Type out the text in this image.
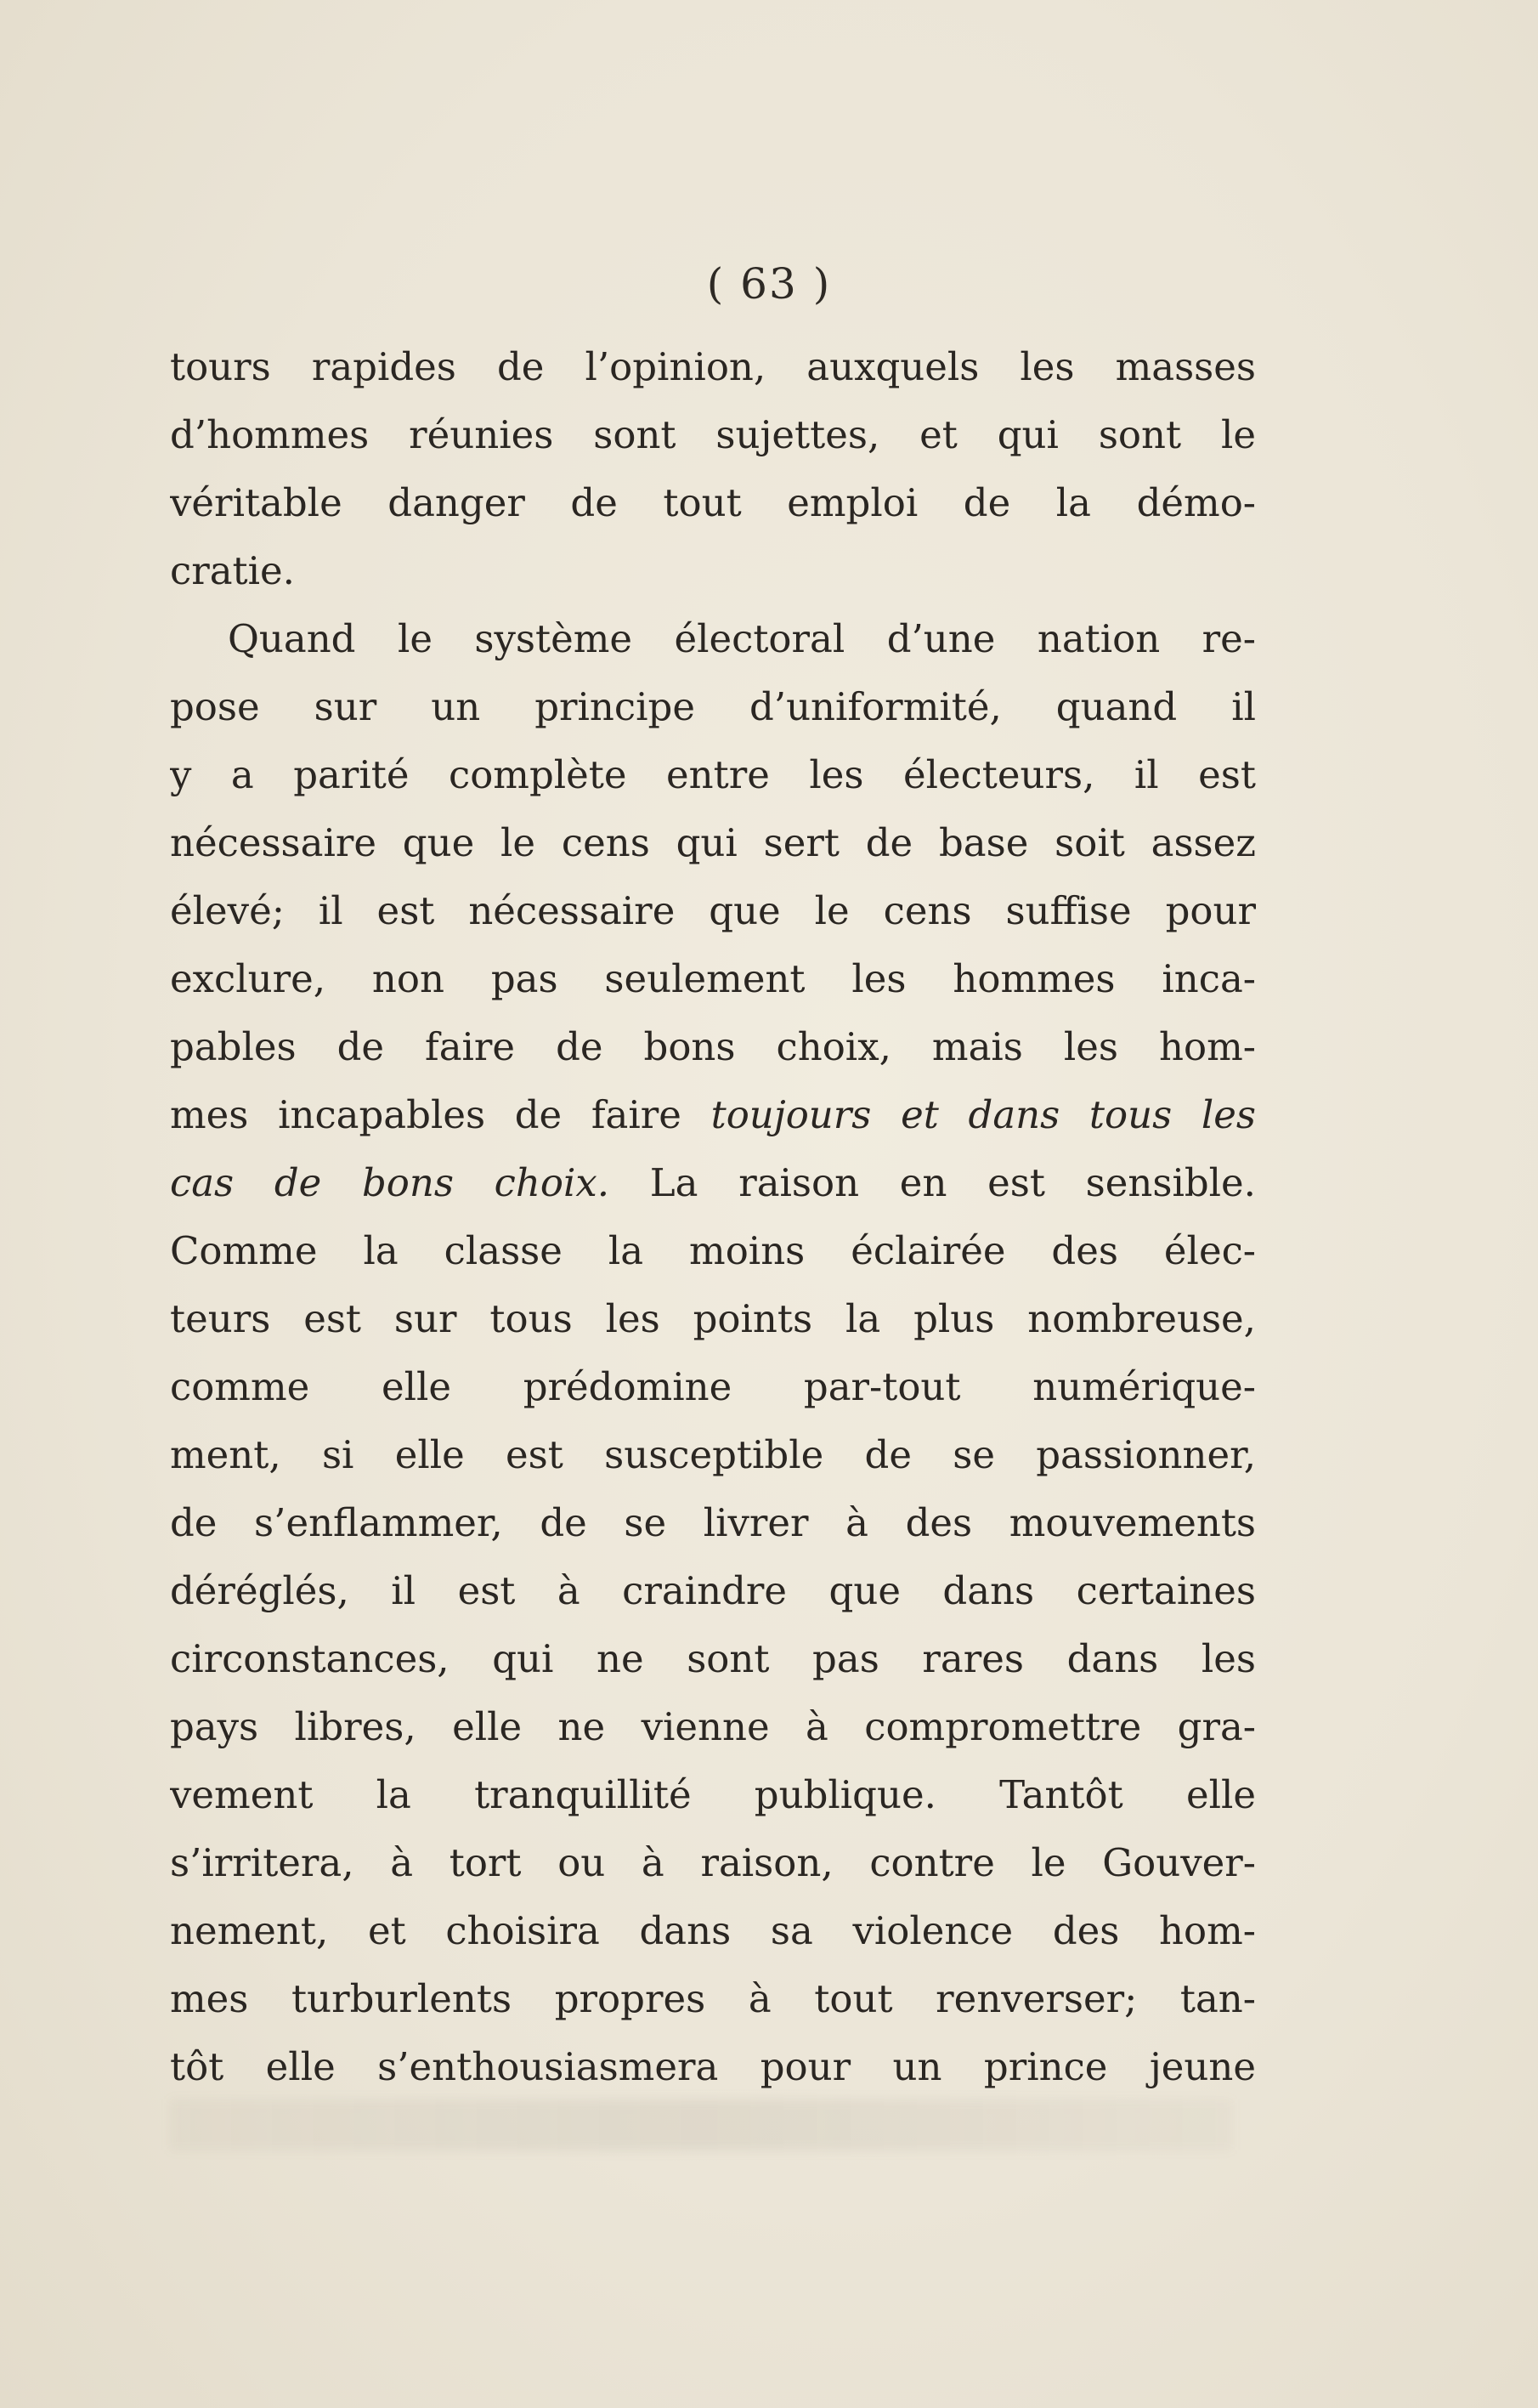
( 63 )
tours rapides de l’opinion, auxquels les masses
d’hommes réunies sont sujettes, et qui sont le
véritable danger de tout emploi de la démo-
cratie.
Quand le système électoral d’une nation re-
pose sur un principe d’uniformité, quand il
y a parité complète entre les électeurs, il est
nécessaire que le cens qui sert de base soit assez
élevé; il est nécessaire que le cens suffise pour
exclure, non pas seulement les hommes inca-
pables de faire de bons choix, mais les hom-
mes incapables de faire toujours et dans tous les
cas de bons choix. La raison en est sensible.
Comme la classe la moins éclairée des élec-
teurs est sur tous les points la plus nombreuse,
comme elle prédomine par-tout numérique-
ment, si elle est susceptible de se passionner,
de s’enflammer, de se livrer à des mouvements
déréglés, il est à craindre que dans certaines
circonstances, qui ne sont pas rares dans les
pays libres, elle ne vienne à compromettre gra-
vement la tranquillité publique. Tantôt elle
s’irritera, à tort ou à raison, contre le Gouver-
nement, et choisira dans sa violence des hom-
mes turburlents propres à tout renverser; tan-
tôt elle s’enthousiasmera pour un prince jeune
